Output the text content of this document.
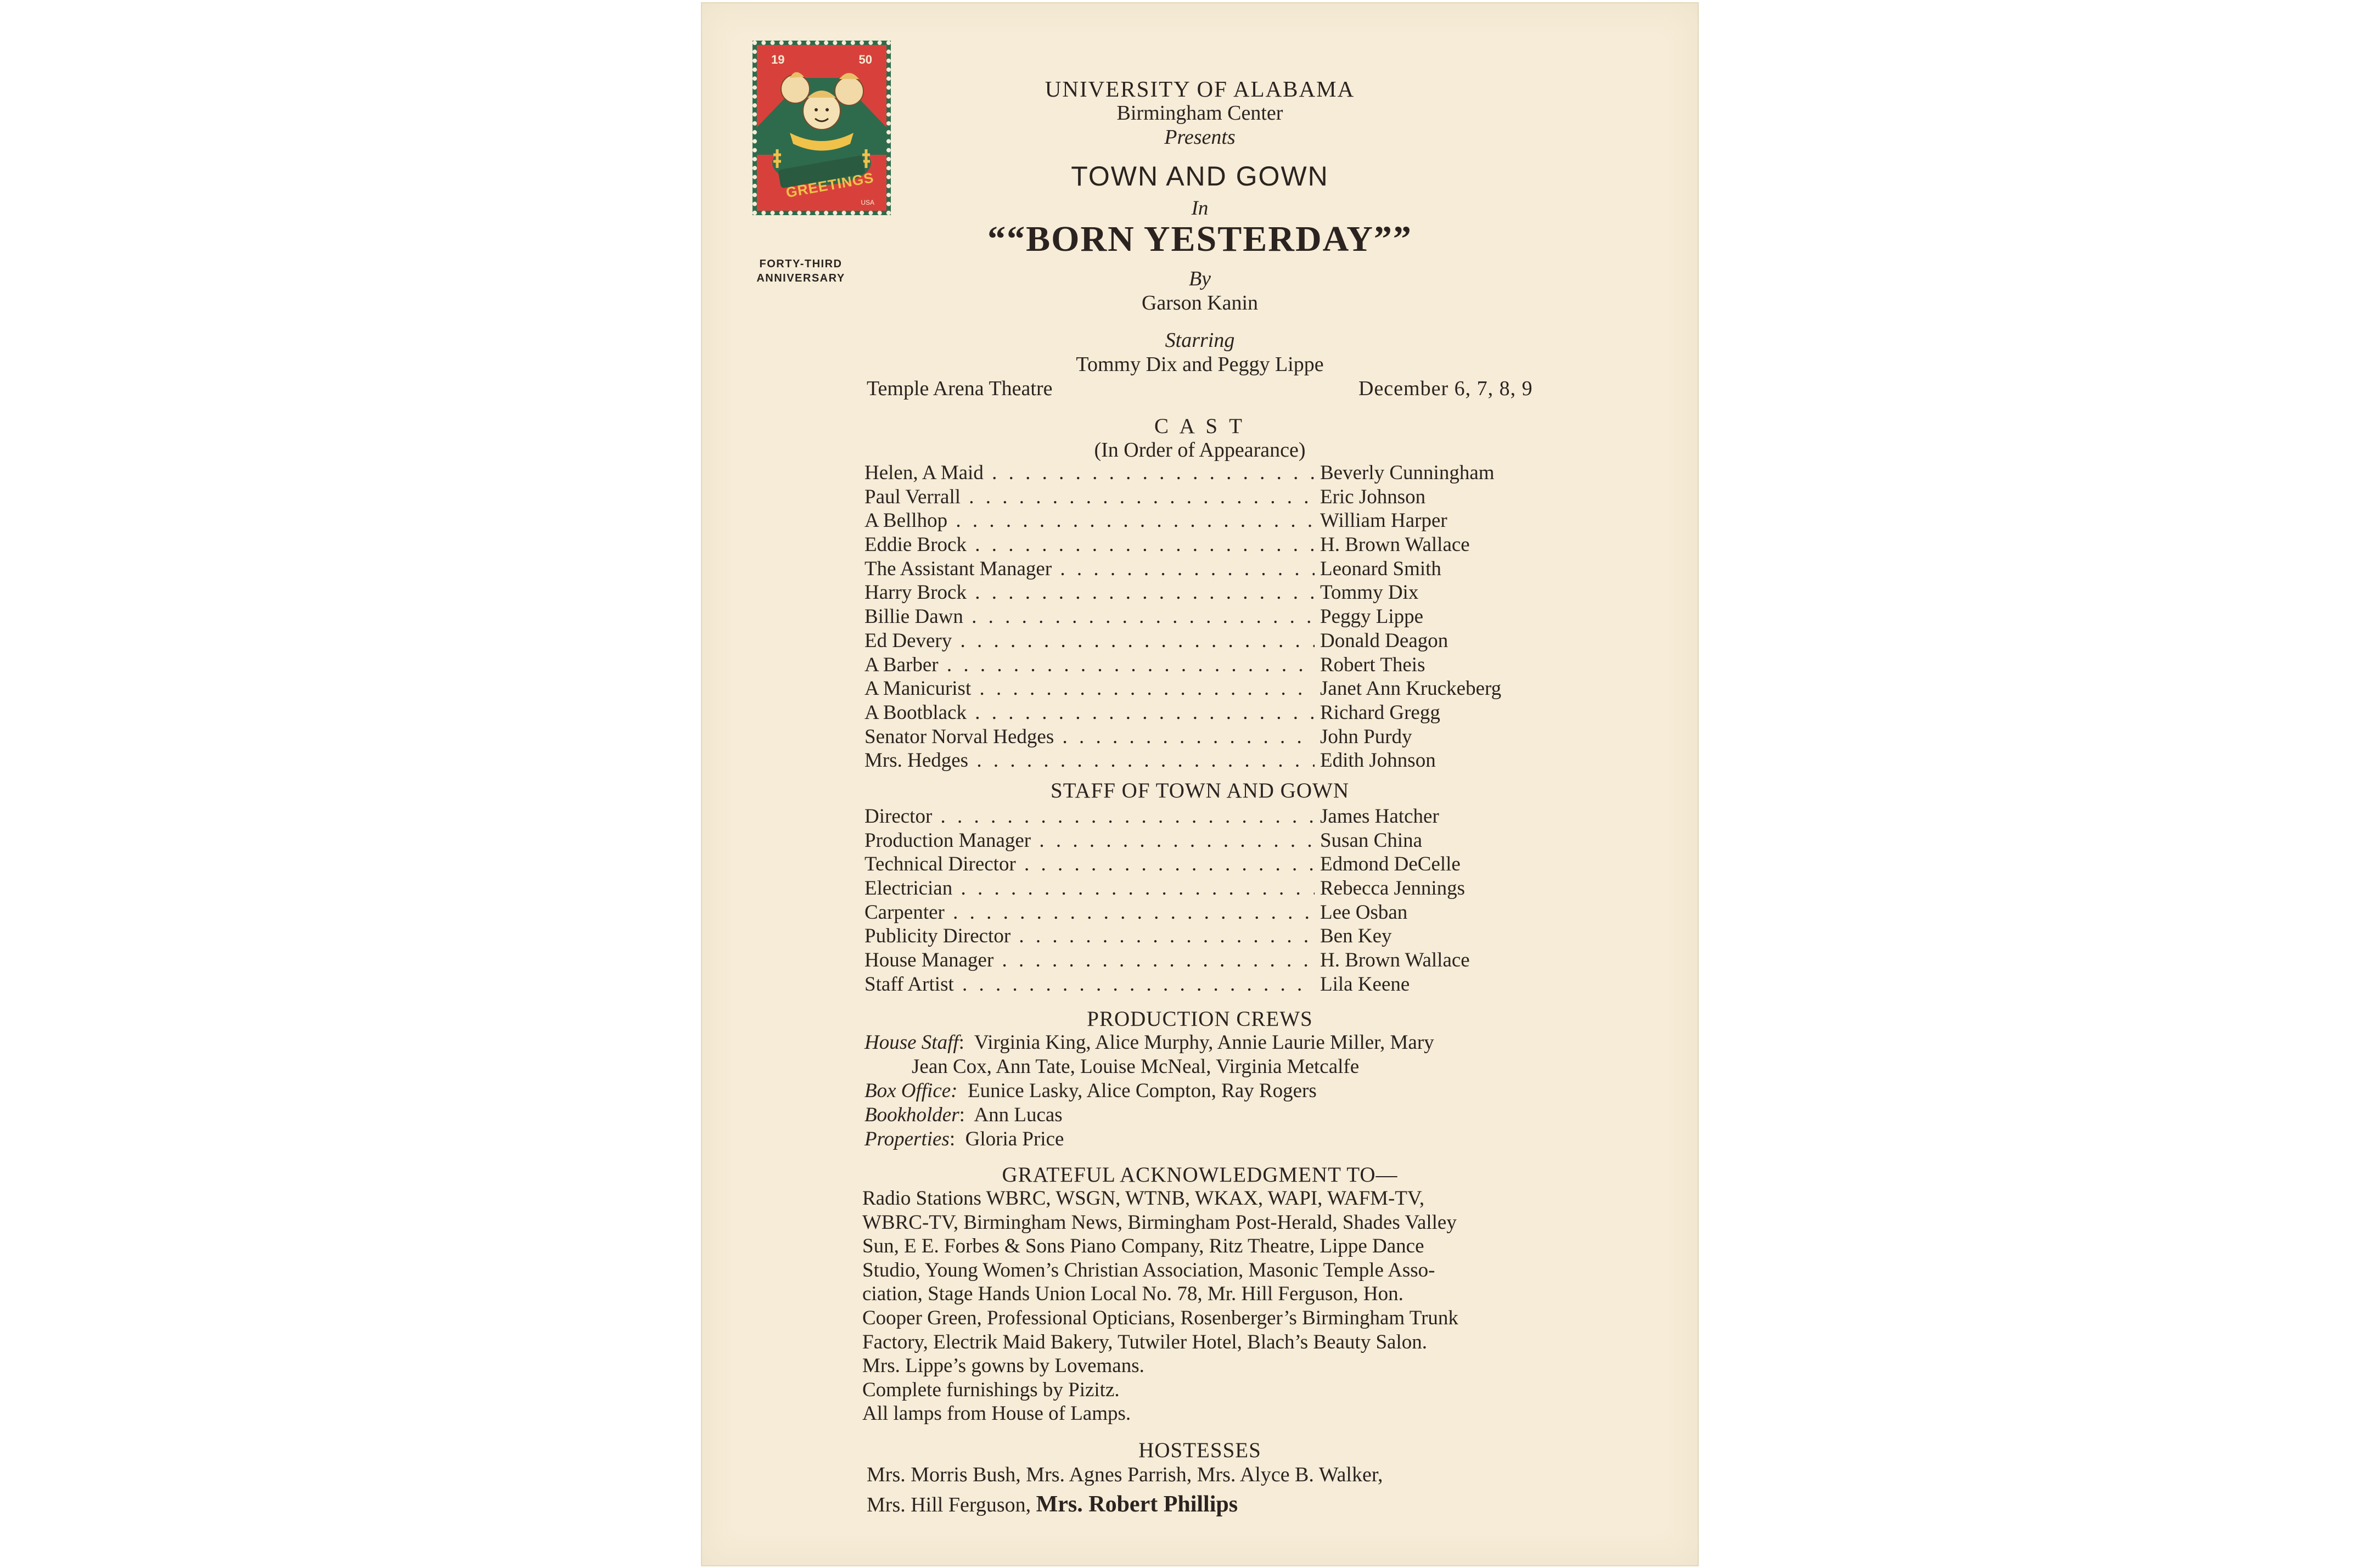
19	50
GREETINGS
USA
FORTY-THIRD
ANNIVERSARY
UNIVERSITY OF ALABAMA
Birmingham Center
Presents
TOWN AND GOWN
In
““BORN YESTERDAY””
By
Garson Kanin
Starring
Tommy Dix and Peggy Lippe
Temple Arena Theatre	December 6, 7, 8, 9
C A S T
(In Order of Appearance)
Helen, A Maid . . .	Beverly Cunningham
Paul Verrall . . .	Eric Johnson
A Bellhop . . .	William Harper
Eddie Brock . . .	H. Brown Wallace
The Assistant Manager . . .	Leonard Smith
Harry Brock . . .	Tommy Dix
Billie Dawn . . .	Peggy Lippe
Ed Devery . . .	Donald Deagon
A Barber . . .	Robert Theis
A Manicurist . . .	Janet Ann Kruckeberg
A Bootblack . . .	Richard Gregg
Senator Norval Hedges . . .	John Purdy
Mrs. Hedges . . .	Edith Johnson
STAFF OF TOWN AND GOWN
Director . . .	James Hatcher
Production Manager . . .	Susan China
Technical Director . . .	Edmond DeCelle
Electrician . . .	Rebecca Jennings
Carpenter . . .	Lee Osban
Publicity Director . . .	Ben Key
House Manager . . .	H. Brown Wallace
Staff Artist . . .	Lila Keene
PRODUCTION CREWS
House Staff:  Virginia King, Alice Murphy, Annie Laurie Miller, Mary
Jean Cox, Ann Tate, Louise McNeal, Virginia Metcalfe
Box Office: Eunice Lasky, Alice Compton, Ray Rogers
Bookholder:  Ann Lucas
Properties:  Gloria Price
GRATEFUL ACKNOWLEDGMENT TO—
Radio Stations WBRC, WSGN, WTNB, WKAX, WAPI, WAFM-TV,
WBRC-TV, Birmingham News, Birmingham Post-Herald, Shades Valley
Sun, E E. Forbes & Sons Piano Company, Ritz Theatre, Lippe Dance
Studio, Young Women’s Christian Association, Masonic Temple Asso-
ciation, Stage Hands Union Local No. 78, Mr. Hill Ferguson, Hon.
Cooper Green, Professional Opticians, Rosenberger’s Birmingham Trunk
Factory, Electrik Maid Bakery, Tutwiler Hotel, Blach’s Beauty Salon.
Mrs. Lippe’s gowns by Lovemans.
Complete furnishings by Pizitz.
All lamps from House of Lamps.
HOSTESSES
Mrs. Morris Bush, Mrs. Agnes Parrish, Mrs. Alyce B. Walker,
Mrs. Hill Ferguson, Mrs. Robert Phillips
